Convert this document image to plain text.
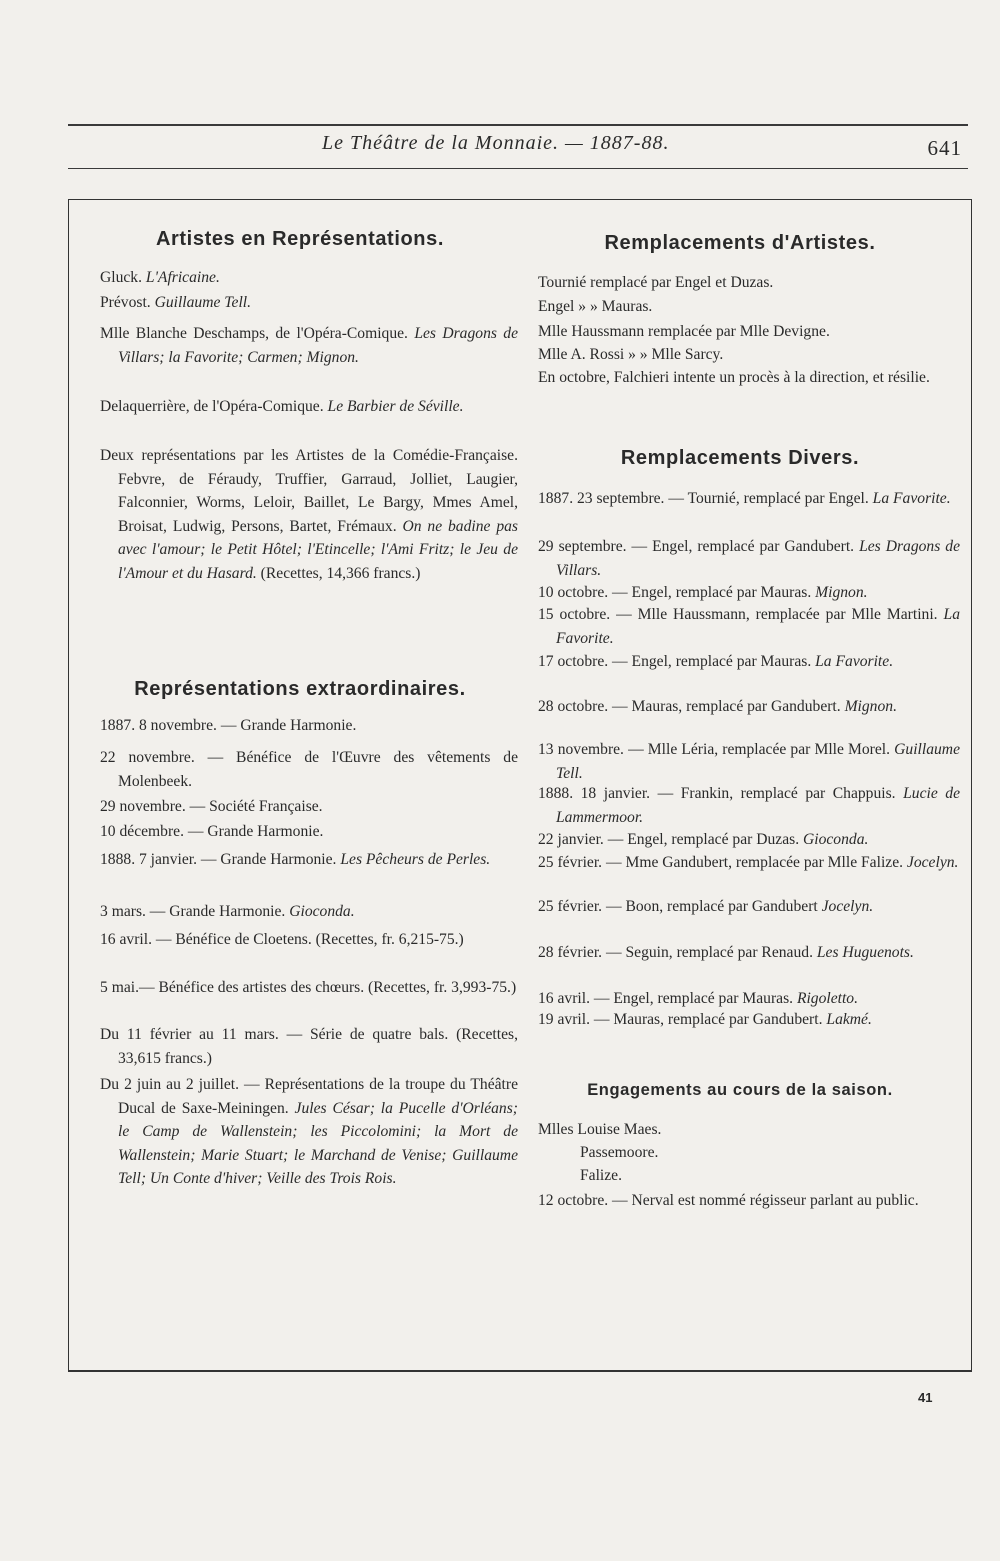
Le Théâtre de la Monnaie. — 1887-88.	641
Artistes en Représentations.
Gluck. L'Africaine.
Prévost. Guillaume Tell.
Mlle Blanche Deschamps, de l'Opéra-Comique. Les Dragons de Villars; la Favorite; Carmen; Mignon.
Delaquerrière, de l'Opéra-Comique. Le Barbier de Séville.
Deux représentations par les Artistes de la Comédie-Française. Febvre, de Féraudy, Truffier, Garraud, Jolliet, Laugier, Falconnier, Worms, Leloir, Baillet, Le Bargy, Mmes Amel, Broisat, Ludwig, Persons, Bartet, Frémaux. On ne badine pas avec l'amour; le Petit Hôtel; l'Etincelle; l'Ami Fritz; le Jeu de l'Amour et du Hasard. (Recettes, 14,366 francs.)
Représentations extraordinaires.
1887. 8 novembre. — Grande Harmonie.
22 novembre. — Bénéfice de l'Œuvre des vêtements de Molenbeek.
29 novembre. — Société Française.
10 décembre. — Grande Harmonie.
1888. 7 janvier. — Grande Harmonie. Les Pêcheurs de Perles.
3 mars. — Grande Harmonie. Gioconda.
16 avril. — Bénéfice de Cloetens. (Recettes, fr. 6,215-75.)
5 mai.— Bénéfice des artistes des chœurs. (Recettes, fr. 3,993-75.)
Du 11 février au 11 mars. — Série de quatre bals. (Recettes, 33,615 francs.)
Du 2 juin au 2 juillet. — Représentations de la troupe du Théâtre Ducal de Saxe-Meiningen. Jules César; la Pucelle d'Orléans; le Camp de Wallenstein; les Piccolomini; la Mort de Wallenstein; Marie Stuart; le Marchand de Venise; Guillaume Tell; Un Conte d'hiver; Veille des Trois Rois.
Remplacements d'Artistes.
Tournié remplacé par Engel et Duzas.
Engel » » Mauras.
Mlle Haussmann remplacée par Mlle Devigne.
Mlle A. Rossi » » Mlle Sarcy.
En octobre, Falchieri intente un procès à la direction, et résilie.
Remplacements Divers.
1887. 23 septembre. — Tournié, remplacé par Engel. La Favorite.
29 septembre. — Engel, remplacé par Gandubert. Les Dragons de Villars.
10 octobre. — Engel, remplacé par Mauras. Mignon.
15 octobre. — Mlle Haussmann, remplacée par Mlle Martini. La Favorite.
17 octobre. — Engel, remplacé par Mauras. La Favorite.
28 octobre. — Mauras, remplacé par Gandubert. Mignon.
13 novembre. — Mlle Léria, remplacée par Mlle Morel. Guillaume Tell.
1888. 18 janvier. — Frankin, remplacé par Chappuis. Lucie de Lammermoor.
22 janvier. — Engel, remplacé par Duzas. Gioconda.
25 février. — Mme Gandubert, remplacée par Mlle Falize. Jocelyn.
25 février. — Boon, remplacé par Gandubert Jocelyn.
28 février. — Seguin, remplacé par Renaud. Les Huguenots.
16 avril. — Engel, remplacé par Mauras. Rigoletto.
19 avril. — Mauras, remplacé par Gandubert. Lakmé.
Engagements au cours de la saison.
Mlles Louise Maes.
Passemoore.
Falize.
12 octobre. — Nerval est nommé régisseur parlant au public.
41
